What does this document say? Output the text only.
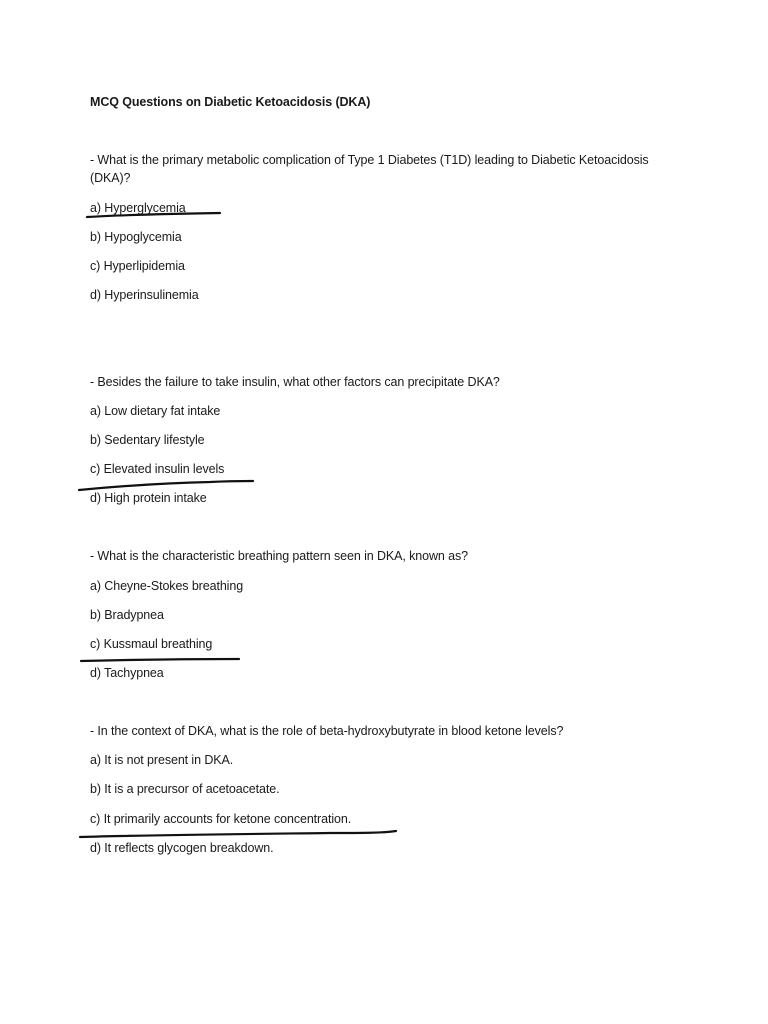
MCQ Questions on Diabetic Ketoacidosis (DKA)
- What is the primary metabolic complication of Type 1 Diabetes (T1D) leading to Diabetic Ketoacidosis (DKA)?
a) Hyperglycemia
b) Hypoglycemia
c) Hyperlipidemia
d) Hyperinsulinemia
- Besides the failure to take insulin, what other factors can precipitate DKA?
a) Low dietary fat intake
b) Sedentary lifestyle
c) Elevated insulin levels
d) High protein intake
- What is the characteristic breathing pattern seen in DKA, known as?
a) Cheyne-Stokes breathing
b) Bradypnea
c) Kussmaul breathing
d) Tachypnea
- In the context of DKA, what is the role of beta-hydroxybutyrate in blood ketone levels?
a) It is not present in DKA.
b) It is a precursor of acetoacetate.
c) It primarily accounts for ketone concentration.
d) It reflects glycogen breakdown.
